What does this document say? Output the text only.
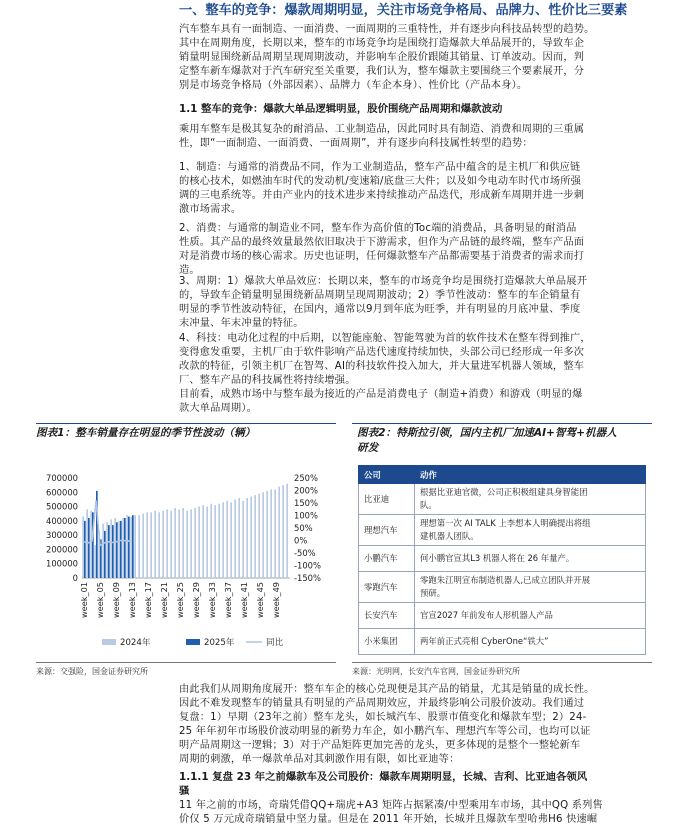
一、整车的竞争：爆款周期明显，关注市场竞争格局、品牌力、性价比三要素
汽车整车具有一面制造、一面消费、一面周期的三重特性，并有逐步向科技品转型的趋势。
其中在周期角度，长期以来，整车的市场竞争均是围绕打造爆款大单品展开的，导致车企
销量明显围绕新品周期呈现周期波动，并影响车企股价跟随其销量、订单波动。因而，判
定整车新车爆款对于汽车研究至关重要，我们认为，整车爆款主要围绕三个要素展开，分
别是市场竞争格局（外部因素）、品牌力（车企本身）、性价比（产品本身）。
1.1 整车的竞争：爆款大单品逻辑明显，股价围绕产品周期和爆款波动
乘用车整车是极其复杂的耐消品、工业制造品，因此同时具有制造、消费和周期的三重属
性，即“一面制造、一面消费、一面周期”，并有逐步向科技属性转型的趋势：
1、制造：与通常的消费品不同，作为工业制造品，整车产品中蕴含的是主机厂和供应链
的核心技术，如燃油车时代的发动机/变速箱/底盘三大件；以及如今电动车时代市场所强
调的三电系统等。并由产业内的技术进步来持续推动产品迭代，形成新车周期并进一步刺
激市场需求。
2、消费：与通常的制造业不同，整车作为高价值的Toc端的消费品，具备明显的耐消品
性质。其产品的最终效量最然依旧取决于下游需求，但作为产品链的最终端，整车产品面
对是消费市场的核心需求。历史也证明，任何爆款整车产品都需要基于消费者的需求而打
造。
3、周期：1）爆款大单品效应：长期以来，整车的市场竞争均是围绕打造爆款大单品展开
的，导致车企销量明显围绕新品周期呈现周期波动；2）季节性波动：整车的车企销量有
明显的季节性波动特征，在国内，通常以9月到年底为旺季，并有明显的月底冲量、季度
末冲量、年末冲量的特征。
4、科技：电动化过程的中后期，以智能座舱、智能驾驶为首的软件技术在整车得到推广，
变得愈发重要，主机厂由于软件影响产品迭代速度持续加快，头部公司已经形成一年多次
改款的特征，引领主机厂在智驾、AI的科技软件投入加大，并大量进军机器人领域，整车
厂、整车产品的科技属性将持续增强。
目前看，成熟市场中与整车最为接近的产品是消费电子（制造+消费）和游戏（明显的爆
款大单品周期）。
图表1：整车销量存在明显的季节性波动（辆）	图表2：特斯拉引领，国内主机厂加速AI+智驾+机器人
研发
0
100000
200000
300000
400000
500000
600000
700000
-150%
-100%
-50%
0%
50%
100%
150%
200%
250%
week_01 week_05 week_09 week_13 week_17 week_21 week_25 week_29 week_33 week_37 week_41 week_45 week_49
2024年	2025年	同比
公司	动作
比亚迪	根据比亚迪官微，公司正积极组建具身智能团
队。

理想汽车	理想第一次 AI TALK 上李想本人明确提出将组
建机器人团队。

小鹏汽车	何小鹏官宣其L3 机器人将在 26 年量产。

零跑汽车	零跑朱江明宣布制造机器人,已成立团队并开展
预研。

长安汽车	官宣2027 年前发布人形机器人产品

小米集团	两年前正式亮相 CyberOne“铁大”
来源：交强险，国金证券研究所	来源：光明网，长安汽车官网，国金证券研究所
由此我们从周期角度展开：整车车企的核心兑现便是其产品的销量，尤其是销量的成长性。
因此不难发现整车的销量具有明显的产品周期效应，并最终影响公司股价波动。我们通过
复盘：1）早期（23年之前）整车龙头，如长城汽车、股票市值变化和爆款车型；2）24-
25 年年初年市场股价波动明显的新势力车企，如小鹏汽车、理想汽车等公司，也均可以证
明产品周期这一逻辑；3）对于产品矩阵更加完善的龙头，更多体现的是整个一整轮新车
周期的刺激，单一爆款单品对其刺激作用有限，如比亚迪等：
1.1.1 复盘 23 年之前爆款车及公司股价：爆款车周期明显，长城、吉利、比亚迪各领风
骚
11 年之前的市场，奇瑞凭借QQ+瑞虎+A3 矩阵占据紧凑/中型乘用车市场，其中QQ 系列售
价仅 5 万元成奇瑞销量中坚力量。但是在 2011 年开始，长城并且爆款车型哈弗H6 快速崛
